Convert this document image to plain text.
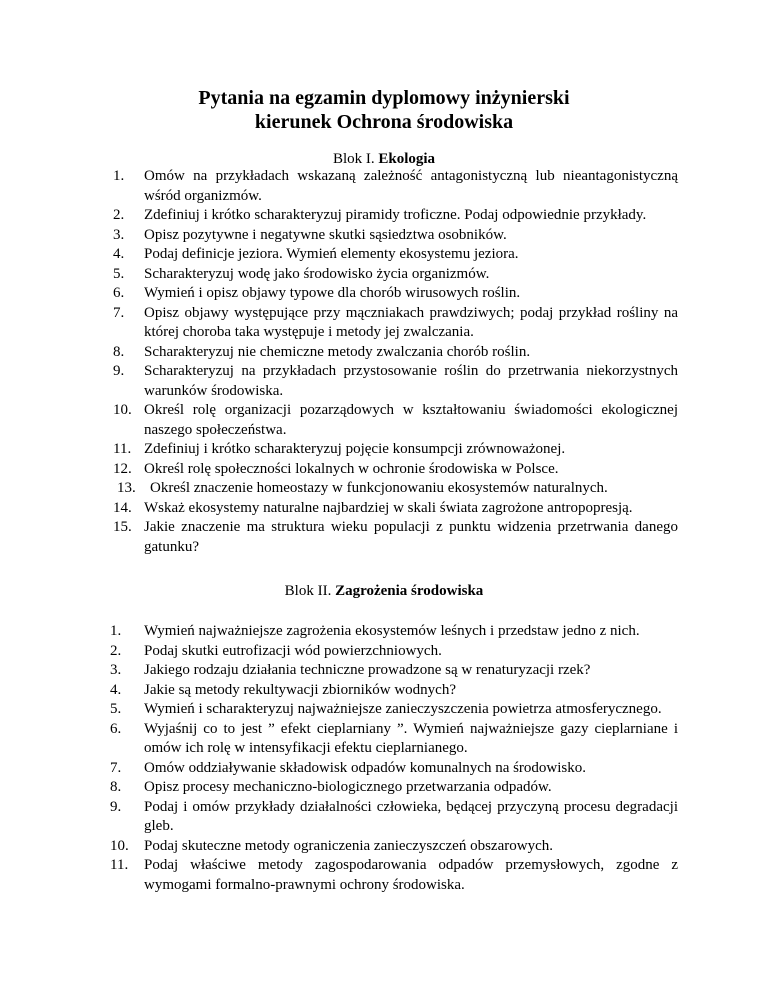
Pytania na egzamin dyplomowy inżynierski
kierunek Ochrona środowiska
Blok I. Ekologia
1. Omów na przykładach wskazaną zależność antagonistyczną lub nieantagonistyczną wśród organizmów.
2. Zdefiniuj i krótko scharakteryzuj piramidy troficzne. Podaj odpowiednie przykłady.
3. Opisz pozytywne i negatywne skutki sąsiedztwa osobników.
4. Podaj definicje jeziora. Wymień elementy ekosystemu jeziora.
5. Scharakteryzuj wodę jako środowisko życia organizmów.
6. Wymień i opisz objawy typowe dla chorób wirusowych roślin.
7. Opisz objawy występujące przy mączniakach prawdziwych; podaj przykład rośliny na której choroba taka występuje i metody jej zwalczania.
8. Scharakteryzuj nie chemiczne metody zwalczania chorób roślin.
9. Scharakteryzuj na przykładach przystosowanie roślin do przetrwania niekorzystnych warunków środowiska.
10. Określ rolę organizacji pozarządowych w kształtowaniu świadomości ekologicznej naszego społeczeństwa.
11. Zdefiniuj i krótko scharakteryzuj pojęcie konsumpcji zrównoważonej.
12. Określ rolę społeczności lokalnych w ochronie środowiska w Polsce.
13. Określ znaczenie homeostazy w funkcjonowaniu ekosystemów naturalnych.
14. Wskaż ekosystemy naturalne najbardziej w skali świata zagrożone antropopresją.
15. Jakie znaczenie ma struktura wieku populacji z punktu widzenia przetrwania danego gatunku?
Blok II. Zagrożenia środowiska
1. Wymień najważniejsze zagrożenia ekosystemów leśnych i przedstaw jedno z nich.
2. Podaj skutki eutrofizacji wód powierzchniowych.
3. Jakiego rodzaju działania techniczne prowadzone są w renaturyzacji rzek?
4. Jakie są metody rekultywacji zbiorników wodnych?
5. Wymień i scharakteryzuj najważniejsze zanieczyszczenia powietrza atmosferycznego.
6. Wyjaśnij co to jest ” efekt cieplarniany ”. Wymień najważniejsze gazy cieplarniane i omów ich rolę w intensyfikacji efektu cieplarnianego.
7. Omów oddziaływanie składowisk odpadów komunalnych na środowisko.
8. Opisz procesy mechaniczno-biologicznego przetwarzania odpadów.
9. Podaj i omów przykłady działalności człowieka, będącej przyczyną procesu degradacji gleb.
10. Podaj skuteczne metody ograniczenia zanieczyszczeń obszarowych.
11. Podaj właściwe metody zagospodarowania odpadów przemysłowych, zgodne z wymogami formalno-prawnymi ochrony środowiska.
